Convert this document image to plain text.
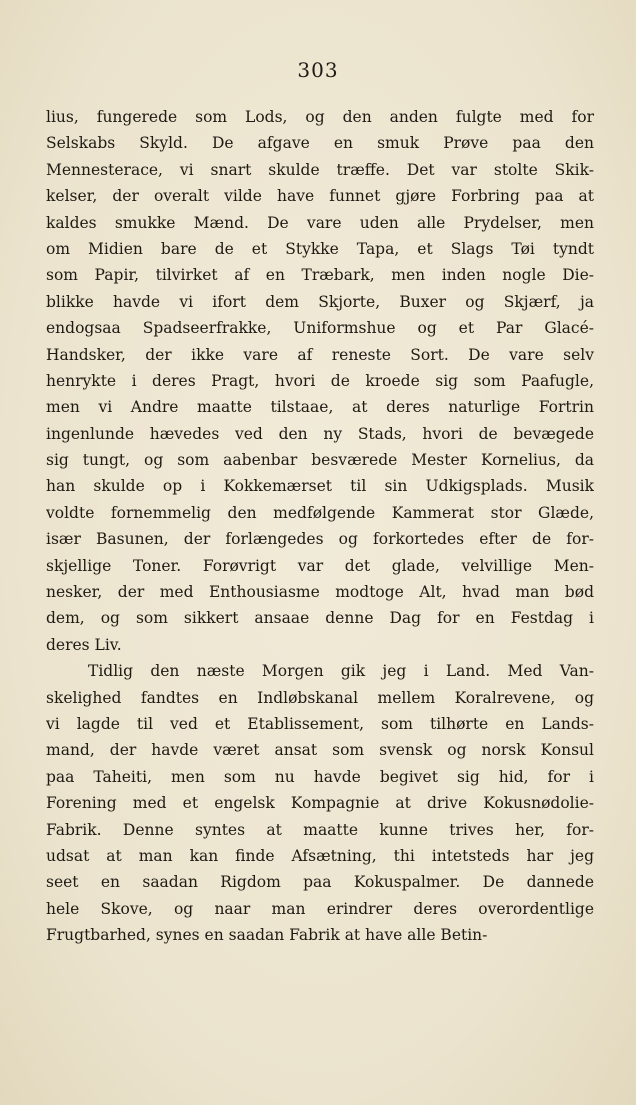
303
lius, fungerede som Lods, og den anden fulgte med for
Selskabs Skyld. De afgave en smuk Prøve paa den
Mennesterace, vi snart skulde træffe. Det var stolte Skik-
kelser, der overalt vilde have funnet gjøre Forbring paa at
kaldes smukke Mænd. De vare uden alle Prydelser, men
om Midien bare de et Stykke Tapa, et Slags Tøi tyndt
som Papir, tilvirket af en Træbark, men inden nogle Die-
blikke havde vi ifort dem Skjorte, Buxer og Skjærf, ja
endogsaa Spadseerfrakke, Uniformshue og et Par Glacé-
Handsker, der ikke vare af reneste Sort. De vare selv
henrykte i deres Pragt, hvori de kroede sig som Paafugle,
men vi Andre maatte tilstaae, at deres naturlige Fortrin
ingenlunde hævedes ved den ny Stads, hvori de bevægede
sig tungt, og som aabenbar besværede Mester Kornelius, da
han skulde op i Kokkemærset til sin Udkigsplads. Musik
voldte fornemmelig den medfølgende Kammerat stor Glæde,
især Basunen, der forlængedes og forkortedes efter de for-
skjellige Toner. Forøvrigt var det glade, velvillige Men-
nesker, der med Enthousiasme modtoge Alt, hvad man bød
dem, og som sikkert ansaae denne Dag for en Festdag i
deres Liv.
Tidlig den næste Morgen gik jeg i Land. Med Van-
skelighed fandtes en Indløbskanal mellem Koralrevene, og
vi lagde til ved et Etablissement, som tilhørte en Lands-
mand, der havde været ansat som svensk og norsk Konsul
paa Taheiti, men som nu havde begivet sig hid, for i
Forening med et engelsk Kompagnie at drive Kokusnødolie-
Fabrik. Denne syntes at maatte kunne trives her, for-
udsat at man kan finde Afsætning, thi intetsteds har jeg
seet en saadan Rigdom paa Kokuspalmer. De dannede
hele Skove, og naar man erindrer deres overordentlige
Frugtbarhed, synes en saadan Fabrik at have alle Betin-
